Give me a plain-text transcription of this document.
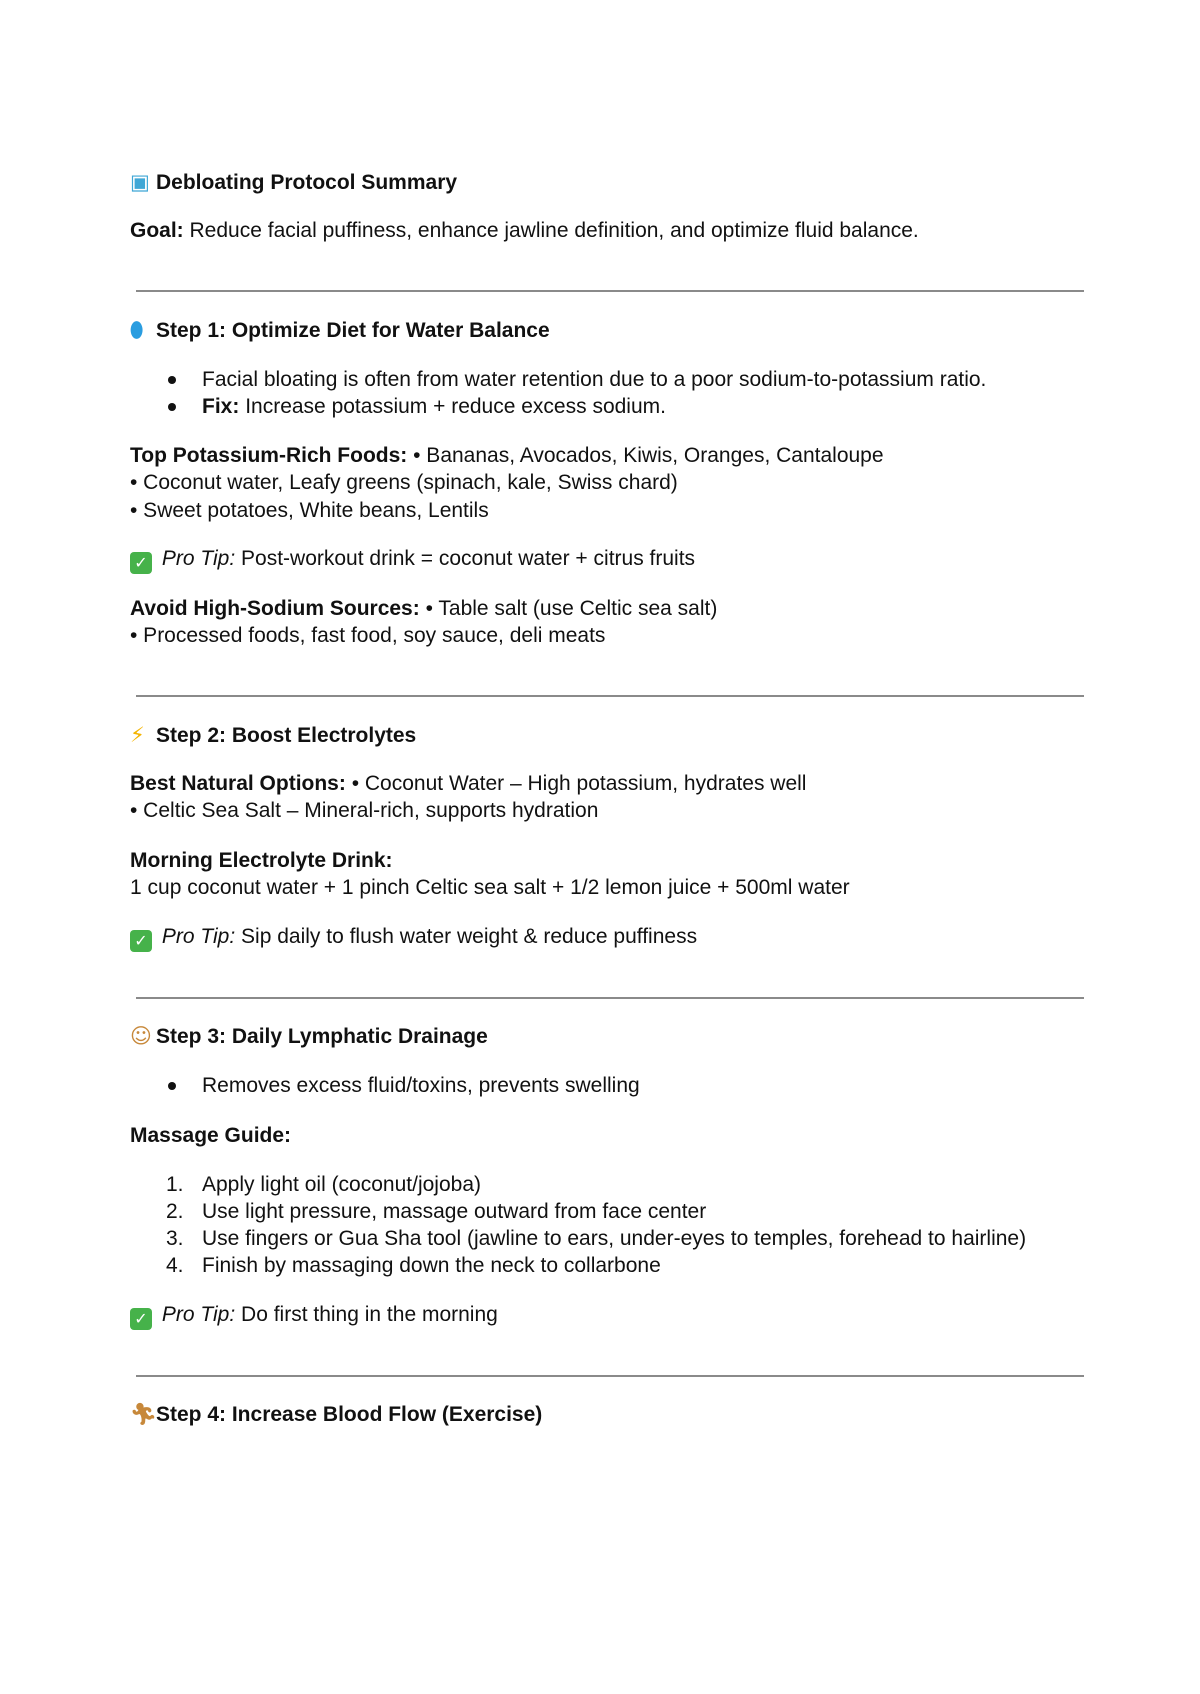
▣ Debloating Protocol Summary
Goal: Reduce facial puffiness, enhance jawline definition, and optimize fluid balance.
⬮ Step 1: Optimize Diet for Water Balance
Facial bloating is often from water retention due to a poor sodium-to-potassium ratio.
Fix: Increase potassium + reduce excess sodium.
Top Potassium-Rich Foods: • Bananas, Avocados, Kiwis, Oranges, Cantaloupe
• Coconut water, Leafy greens (spinach, kale, Swiss chard)
• Sweet potatoes, White beans, Lentils
✓ Pro Tip: Post-workout drink = coconut water + citrus fruits
Avoid High-Sodium Sources: • Table salt (use Celtic sea salt)
• Processed foods, fast food, soy sauce, deli meats
⚡ Step 2: Boost Electrolytes
Best Natural Options: • Coconut Water – High potassium, hydrates well
• Celtic Sea Salt – Mineral-rich, supports hydration
Morning Electrolyte Drink:
1 cup coconut water + 1 pinch Celtic sea salt + 1/2 lemon juice + 500ml water
✓ Pro Tip: Sip daily to flush water weight & reduce puffiness
☺ Step 3: Daily Lymphatic Drainage
Removes excess fluid/toxins, prevents swelling
Massage Guide:
1. Apply light oil (coconut/jojoba)
2. Use light pressure, massage outward from face center
3. Use fingers or Gua Sha tool (jawline to ears, under-eyes to temples, forehead to hairline)
4. Finish by massaging down the neck to collarbone
✓ Pro Tip: Do first thing in the morning
🏃︎Step 4: Increase Blood Flow (Exercise)
